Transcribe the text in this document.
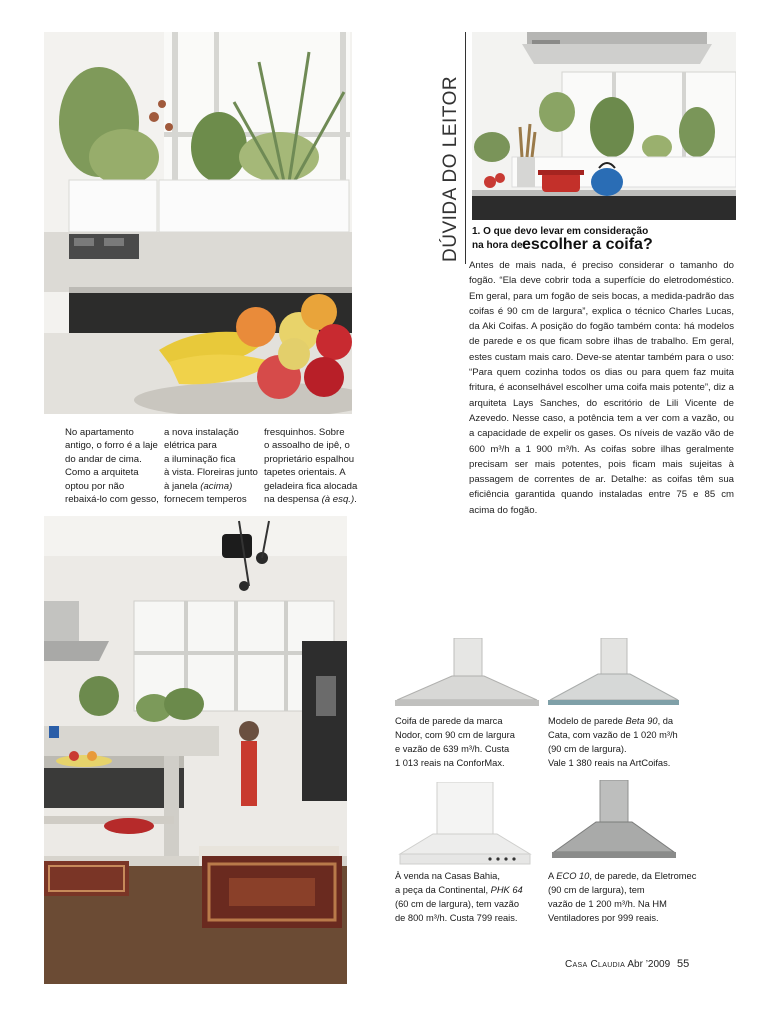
No apartamento
antigo, o forro é a laje
do andar de cima.
Como a arquiteta
optou por não
rebaixá-lo com gesso,
a nova instalação
elétrica para
a iluminação fica
à vista. Floreiras junto
à janela (acima)
fornecem temperos
fresquinhos. Sobre
o assoalho de ipê, o
proprietário espalhou
tapetes orientais. A
geladeira fica alocada
na despensa (à esq.).
DÚVIDA DO LEITOR 1. O que devo levar em consideração
na hora de escolher a coifa?
Antes de mais nada, é preciso considerar o tamanho do fogão. “Ela deve cobrir toda a superfície do eletrodoméstico. Em geral, para um fogão de seis bocas, a medida-padrão das coifas é 90 cm de largura”, explica o técnico Charles Lucas, da Aki Coifas. A posição do fogão também conta: há modelos de parede e os que ficam sobre ilhas de trabalho. Em geral, estes custam mais caro. Deve-se atentar também para o uso: “Para quem cozinha todos os dias ou para quem faz muita fritura, é aconselhável escolher uma coifa mais potente”, diz a arquiteta Lays Sanches, do escritório de Lili Vicente de Azevedo. Nesse caso, a potência tem a ver com a vazão, ou a capacidade de expelir os gases. Os níveis de vazão vão de 600 m³/h a 1 900 m³/h. As coifas sobre ilhas geralmente precisam ser mais potentes, pois ficam mais sujeitas à passagem de correntes de ar. Detalhe: as coifas têm sua eficiência garantida quando instaladas entre 75 e 85 cm acima do fogão.
Coifa de parede da marca
Nodor, com 90 cm de largura
e vazão de 639 m³/h. Custa
1 013 reais na ConforMax.
Modelo de parede Beta 90, da
Cata, com vazão de 1 020 m³/h
(90 cm de largura).
Vale 1 380 reais na ArtCoifas.
À venda na Casas Bahia,
a peça da Continental, PHK 64
(60 cm de largura), tem vazão
de 800 m³/h. Custa 799 reais.
A ECO 10, de parede, da Eletromec
(90 cm de largura), tem
vazão de 1 200 m³/h. Na HM
Ventiladores por 999 reais.
Casa Claudia Abr ’2009 55
